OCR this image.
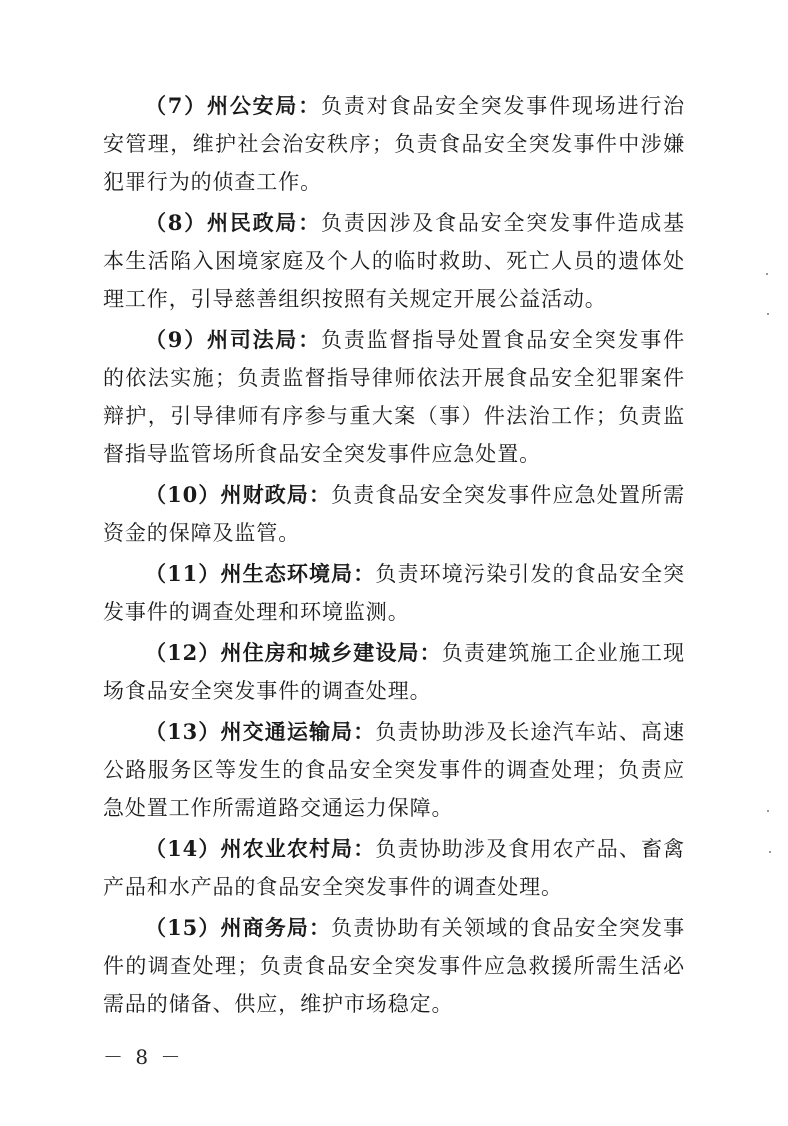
（7）州公安局：负责对食品安全突发事件现场进行治安管理，维护社会治安秩序；负责食品安全突发事件中涉嫌犯罪行为的侦查工作。

（8）州民政局：负责因涉及食品安全突发事件造成基本生活陷入困境家庭及个人的临时救助、死亡人员的遗体处理工作，引导慈善组织按照有关规定开展公益活动。

（9）州司法局：负责监督指导处置食品安全突发事件的依法实施；负责监督指导律师依法开展食品安全犯罪案件辩护，引导律师有序参与重大案（事）件法治工作；负责监督指导监管场所食品安全突发事件应急处置。

（10）州财政局：负责食品安全突发事件应急处置所需资金的保障及监管。

（11）州生态环境局：负责环境污染引发的食品安全突发事件的调查处理和环境监测。

（12）州住房和城乡建设局：负责建筑施工企业施工现场食品安全突发事件的调查处理。

（13）州交通运输局：负责协助涉及长途汽车站、高速公路服务区等发生的食品安全突发事件的调查处理；负责应急处置工作所需道路交通运力保障。

（14）州农业农村局：负责协助涉及食用农产品、畜禽产品和水产品的食品安全突发事件的调查处理。

（15）州商务局：负责协助有关领域的食品安全突发事件的调查处理；负责食品安全突发事件应急救援所需生活必需品的储备、供应，维护市场稳定。

－ 8 －
